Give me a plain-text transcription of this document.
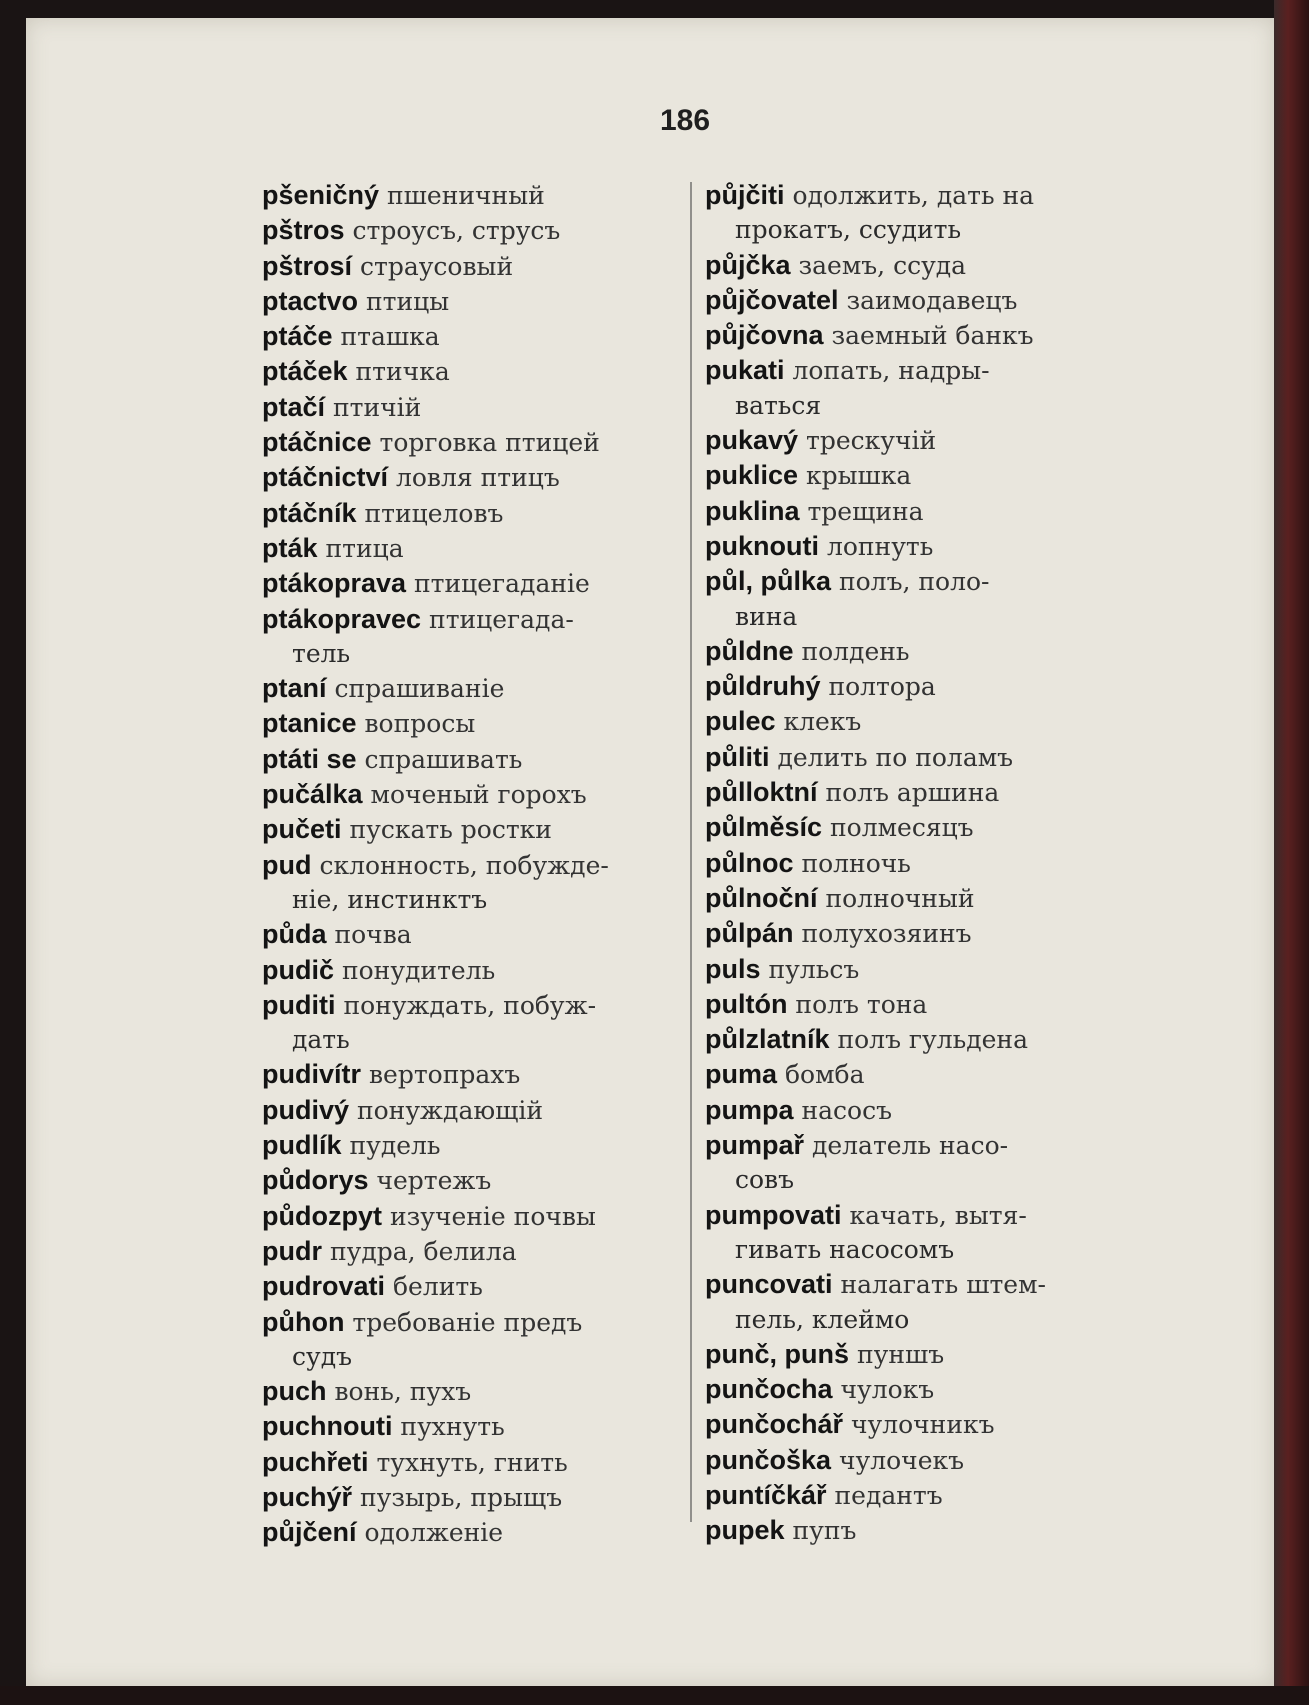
186
pšeničný пшеничный
pštros строусъ, струсъ
pštrosí страусовый
ptactvo птицы
ptáče пташка
ptáček птичка
ptačí птичій
ptáčnice торговка птицей
ptáčnictví ловля птицъ
ptáčník птицеловъ
pták птица
ptákoprava птицегаданіе
ptákopravec птицегада-
тель
ptaní спрашиваніе
ptanice вопросы
ptáti se спрашивать
pučálka моченый горохъ
pučeti пускать ростки
pud склонность, побужде-
ніе, инстинктъ
půda почва
pudič понудитель
puditi понуждать, побуж-
дать
pudivítr вертопрахъ
pudivý понуждающій
pudlík пудель
půdorys чертежъ
půdozpyt изученіе почвы
pudr пудра, белила
pudrovati белить
půhon требованіе предъ
судъ
puch вонь, пухъ
puchnouti пухнуть
puchřeti тухнуть, гнить
puchýř пузырь, прыщъ
půjčení одолженіе
půjčiti одолжить, дать на
прокатъ, ссудить
půjčka заемъ, ссуда
půjčovatel заимодавецъ
půjčovna заемный банкъ
pukati лопать, надры-
ваться
pukavý трескучій
puklice крышка
puklina трещина
puknouti лопнуть
půl, půlka полъ, поло-
вина
půldne полдень
půldruhý полтора
pulec клекъ
půliti делить по поламъ
půlloktní полъ аршина
půlměsíc полмесяцъ
půlnoc полночь
půlnoční полночный
půlpán полухозяинъ
puls пульсъ
pultón полъ тона
půlzlatník полъ гульдена
puma бомба
pumpa насосъ
pumpař делатель насо-
совъ
pumpovati качать, вытя-
гивать насосомъ
puncovati налагать штем-
пель, клеймо
punč, punš пуншъ
punčocha чулокъ
punčochář чулочникъ
punčoška чулочекъ
puntíčkář педантъ
pupek пупъ
